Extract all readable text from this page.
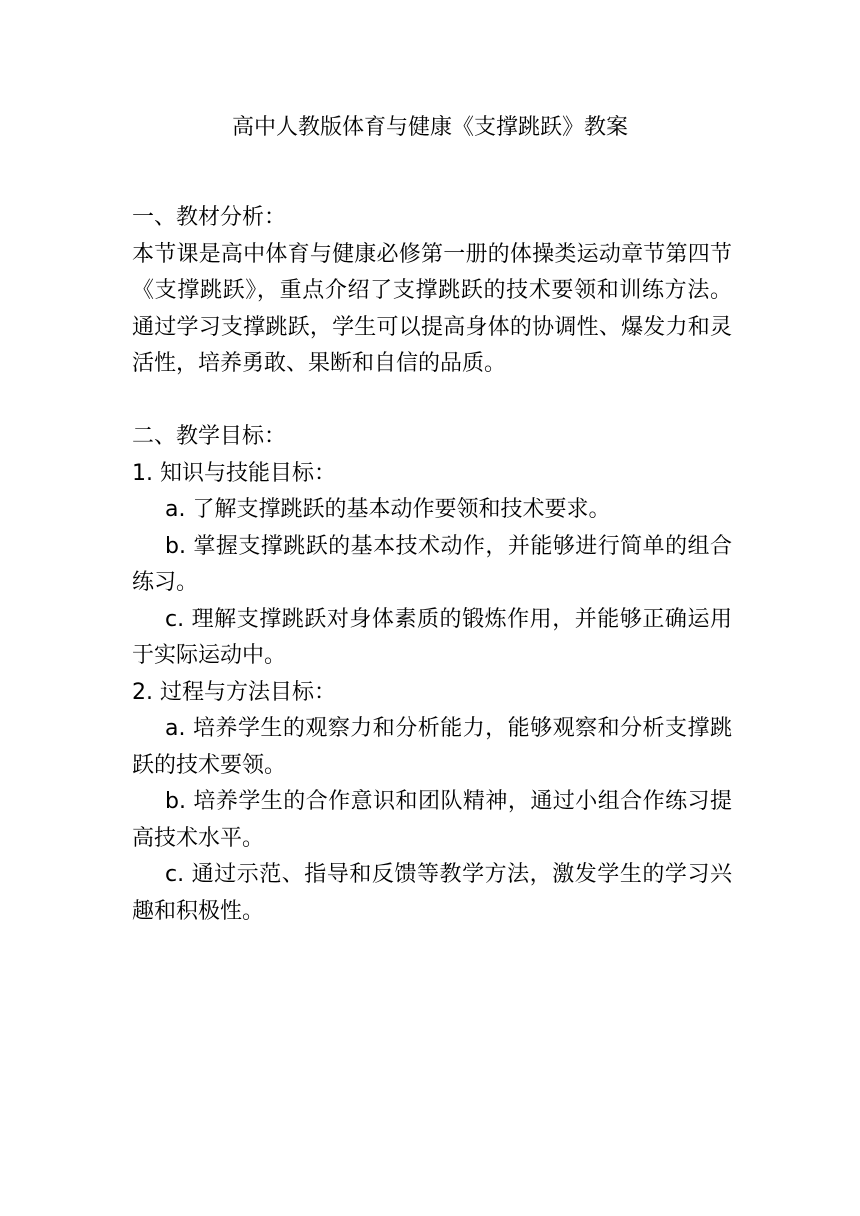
高中人教版体育与健康《支撑跳跃》教案

一、教材分析：

本节课是高中体育与健康必修第一册的体操类运动章节第四节《支撑跳跃》，重点介绍了支撑跳跃的技术要领和训练方法。通过学习支撑跳跃，学生可以提高身体的协调性、爆发力和灵活性，培养勇敢、果断和自信的品质。

二、教学目标：

1. 知识与技能目标：

a. 了解支撑跳跃的基本动作要领和技术要求。

b. 掌握支撑跳跃的基本技术动作，并能够进行简单的组合练习。

c. 理解支撑跳跃对身体素质的锻炼作用，并能够正确运用于实际运动中。

2. 过程与方法目标：

a. 培养学生的观察力和分析能力，能够观察和分析支撑跳跃的技术要领。

b. 培养学生的合作意识和团队精神，通过小组合作练习提高技术水平。

c. 通过示范、指导和反馈等教学方法，激发学生的学习兴趣和积极性。
